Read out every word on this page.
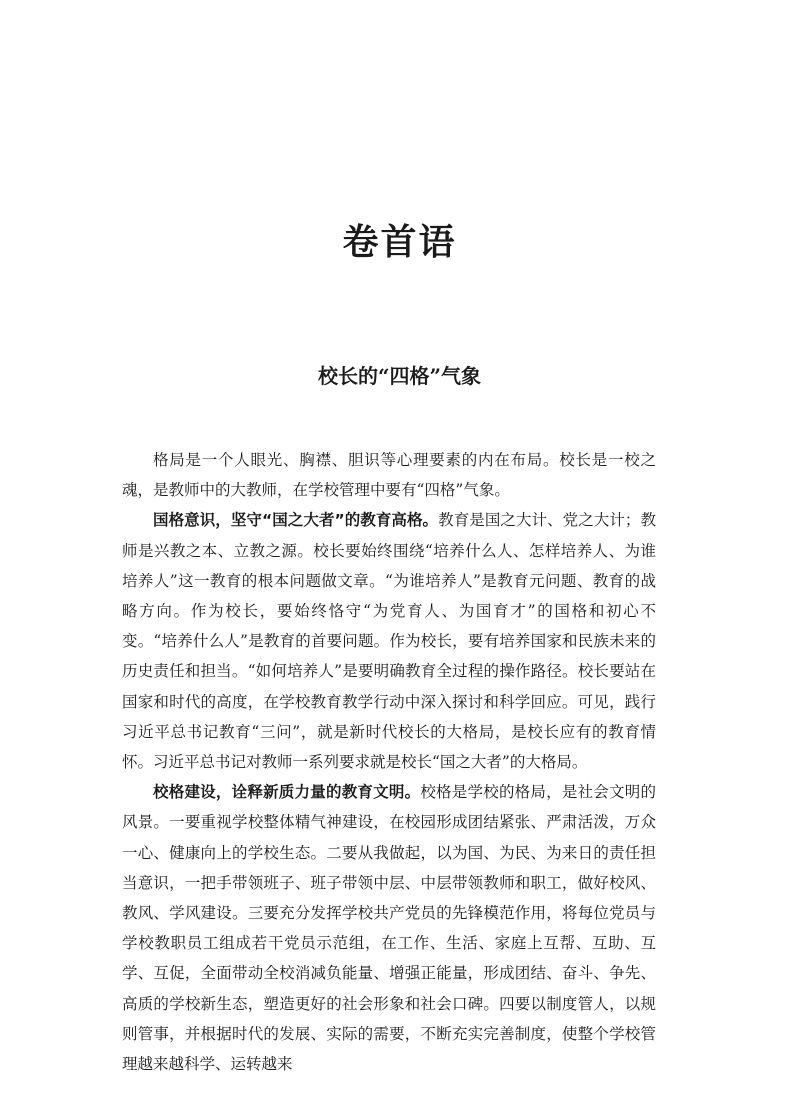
卷首语
校长的“四格”气象

格局是一个人眼光、胸襟、胆识等心理要素的内在布局。校长是一校之魂，是教师中的大教师，在学校管理中要有“四格”气象。

国格意识，坚守“国之大者”的教育高格。教育是国之大计、党之大计；教师是兴教之本、立教之源。校长要始终围绕“培养什么人、怎样培养人、为谁培养人”这一教育的根本问题做文章。“为谁培养人”是教育元问题、教育的战略方向。作为校长，要始终恪守“为党育人、为国育才”的国格和初心不变。“培养什么人”是教育的首要问题。作为校长，要有培养国家和民族未来的历史责任和担当。“如何培养人”是要明确教育全过程的操作路径。校长要站在国家和时代的高度，在学校教育教学行动中深入探讨和科学回应。可见，践行习近平总书记教育“三问”，就是新时代校长的大格局，是校长应有的教育情怀。习近平总书记对教师一系列要求就是校长“国之大者”的大格局。

校格建设，诠释新质力量的教育文明。校格是学校的格局，是社会文明的风景。一要重视学校整体精气神建设，在校园形成团结紧张、严肃活泼，万众一心、健康向上的学校生态。二要从我做起，以为国、为民、为来日的责任担当意识，一把手带领班子、班子带领中层、中层带领教师和职工，做好校风、教风、学风建设。三要充分发挥学校共产党员的先锋模范作用，将每位党员与学校教职员工组成若干党员示范组，在工作、生活、家庭上互帮、互助、互学、互促，全面带动全校消减负能量、增强正能量，形成团结、奋斗、争先、高质的学校新生态，塑造更好的社会形象和社会口碑。四要以制度管人，以规则管事，并根据时代的发展、实际的需要，不断充实完善制度，使整个学校管理越来越科学、运转越来
